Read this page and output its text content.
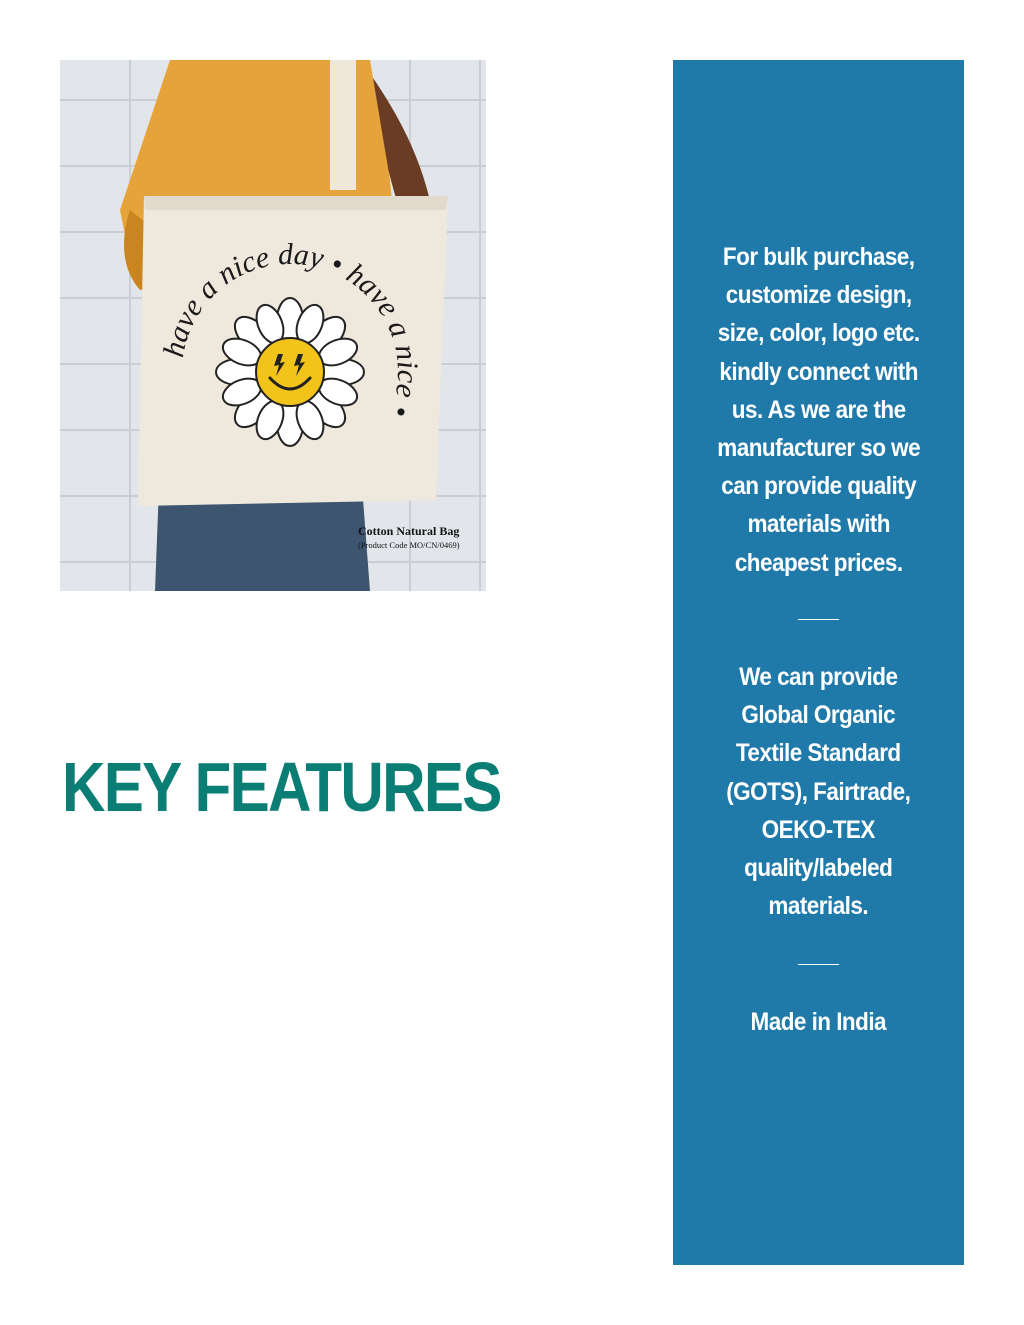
have a nice day • have a nice •
Cotton Natural Bag
(Product Code MO/CN/0469)
KEY FEATURES
For bulk purchase,
customize design,
size, color, logo etc.
kindly connect with
us. As we are the
manufacturer so we
can provide quality
materials with
cheapest prices.
We can provide
Global Organic
Textile Standard
(GOTS), Fairtrade,
OEKO-TEX
quality/labeled
materials.
Made in India
